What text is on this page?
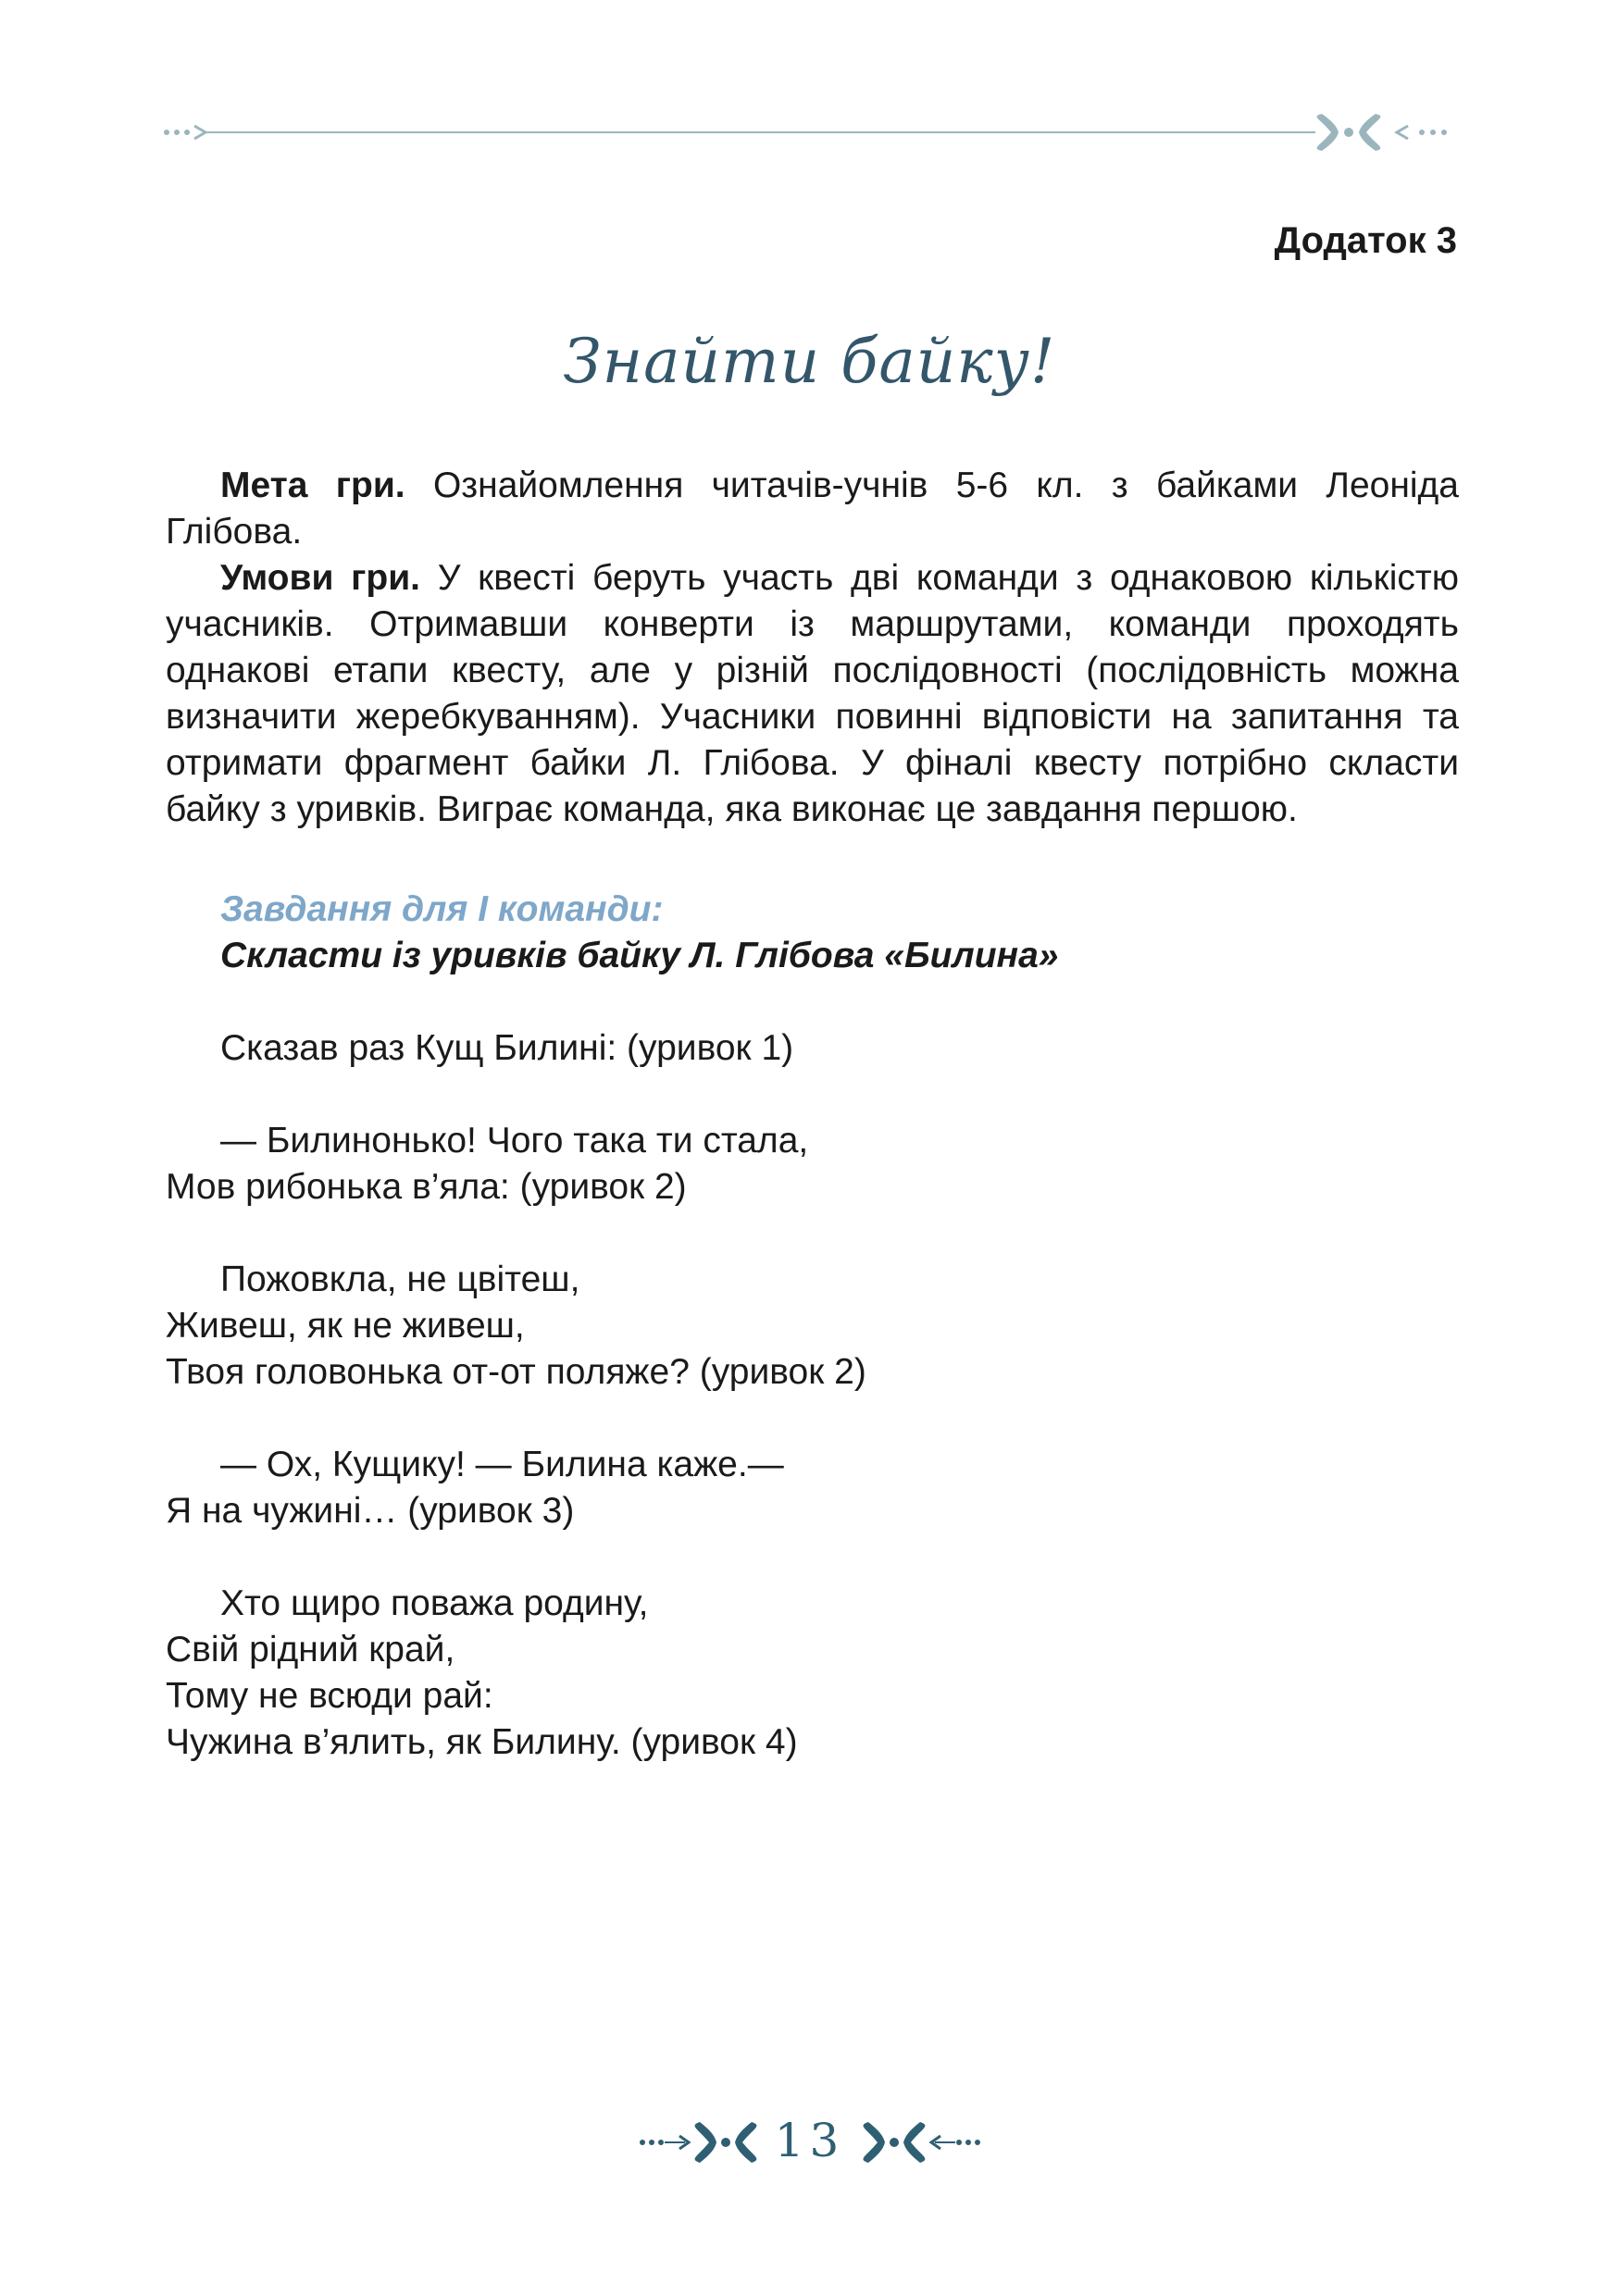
Додаток 3
Знайти байку!

Мета гри. Ознайомлення читачів-учнів 5-6 кл. з байками Леоніда Глібова.

Умови гри. У квесті беруть участь дві команди з однаковою кількістю учасників. Отримавши конверти із маршрутами, команди проходять однакові етапи квесту, але у різній послідовності (послідовність можна визначити жеребкуванням). Учасники повинні відповісти на запитання та отримати фрагмент байки Л. Глібова. У фіналі квесту потрібно скласти байку з уривків. Виграє команда, яка виконає це завдання першою.

Завдання для I команди:

Скласти із уривків байку Л. Глібова «Билина»

Сказав раз Кущ Билині: (уривок 1)
— Билинонько! Чого така ти стала,
Мов рибонька в’яла: (уривок 2)
Пожовкла, не цвітеш,
Живеш, як не живеш,
Твоя головонька от-от поляже? (уривок 2)
— Ох, Кущику! — Билина каже.—
Я на чужині… (уривок 3)
Хто щиро поважа родину,
Свій рідний край,
Тому не всюди рай:
Чужина в’ялить, як Билину. (уривок 4)
13
